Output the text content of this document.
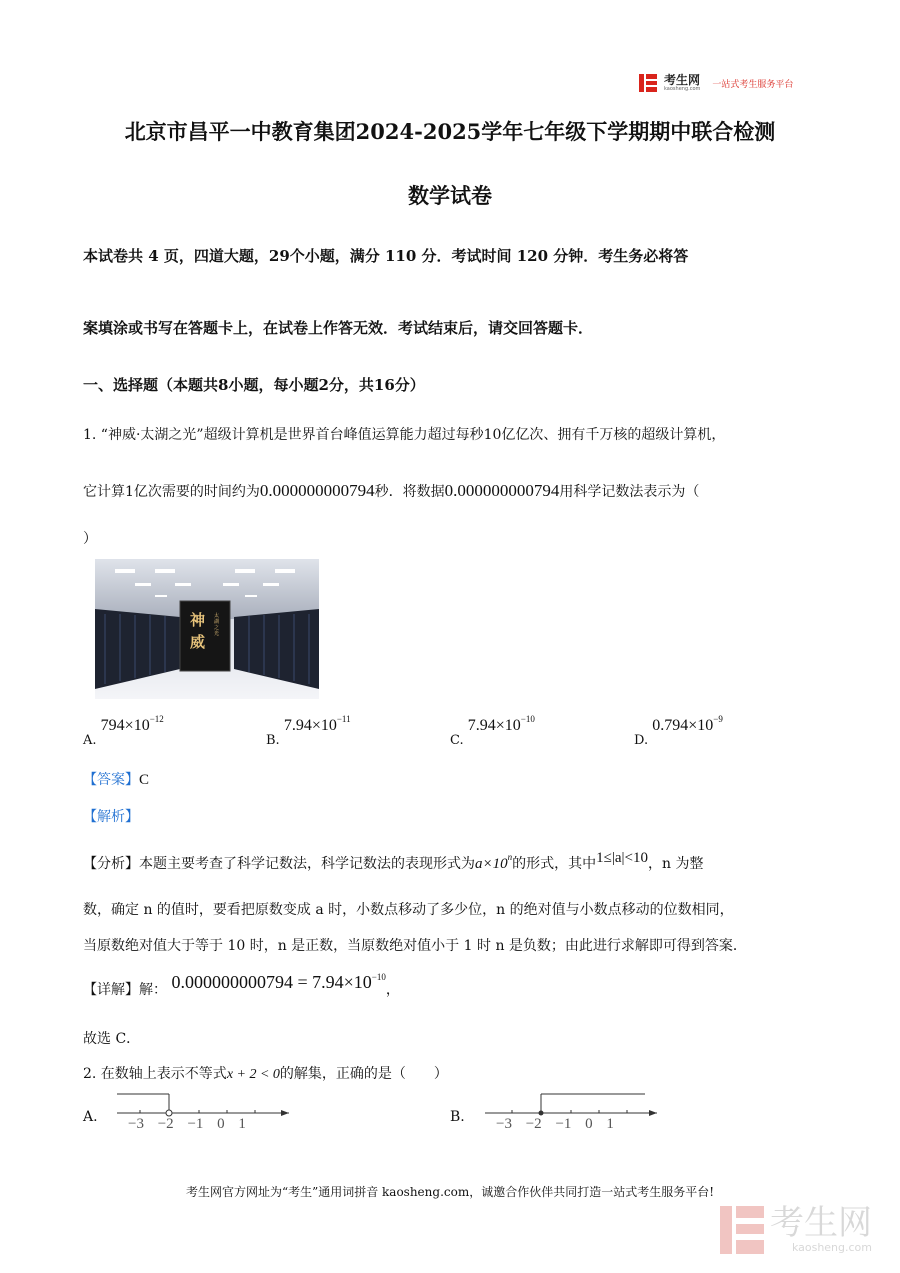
考生网
kaosheng.com 一站式考生服务平台
北京市昌平一中教育集团2024-2025学年七年级下学期期中联合检测
数学试卷
本试卷共 4 页，四道大题，29个小题，满分 110 分．考试时间 120 分钟．考生务必将答
案填涂或书写在答题卡上，在试卷上作答无效．考试结束后，请交回答题卡．
一、选择题（本题共8小题，每小题2分，共16分）
1. “神威·太湖之光”超级计算机是世界首台峰值运算能力超过每秒10亿亿次、拥有千万核的超级计算机，
它计算1亿次需要的时间约为0.000000000794秒．将数据0.000000000794用科学记数法表示为（
）
神威
太湖之光
A. $794\times 10^{-12}$
B. $7.94\times 10^{-11}$
C. $7.94\times 10^{-10}$
D. $0.794\times 10^{-9}$
【答案】C
【解析】
【分析】本题主要考查了科学记数法，科学记数法的表现形式为$a\times 10^n$的形式，其中1≤|a|<10，n 为整
数，确定 n 的值时，要看把原数变成 a 时，小数点移动了多少位，n 的绝对值与小数点移动的位数相同，
当原数绝对值大于等于 10 时，n 是正数，当原数绝对值小于 1 时 n 是负数；由此进行求解即可得到答案．
【详解】解： $0.000000000794 = 7.94\times 10^{-10}$，
故选 C．
2. 在数轴上表示不等式x + 2 < 0的解集，正确的是（　　）
A. −3 −2 −1 0 1	B. −3 −2 −1 0 1
考生网官方网址为“考生”通用词拼音 kaosheng.com，诚邀合作伙伴共同打造一站式考生服务平台!
考生网
kaosheng.com
